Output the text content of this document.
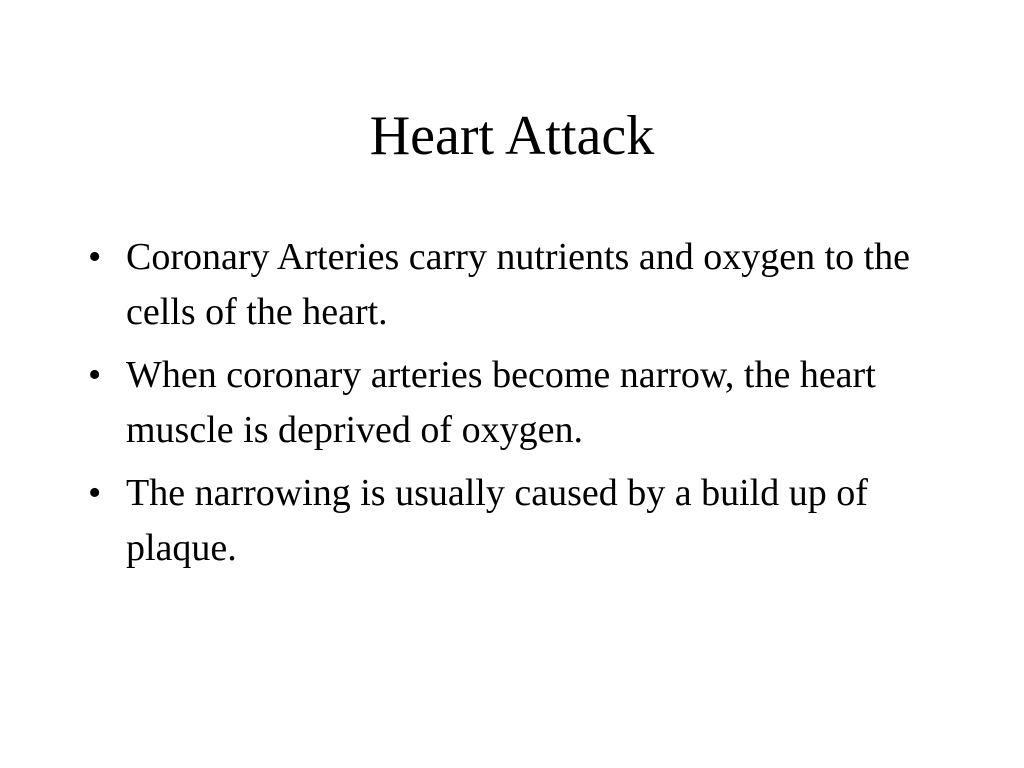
Heart Attack
• Coronary Arteries carry nutrients and oxygen to the cells of the heart.
• When coronary arteries become narrow, the heart muscle is deprived of oxygen.
• The narrowing is usually caused by a build up of plaque.
